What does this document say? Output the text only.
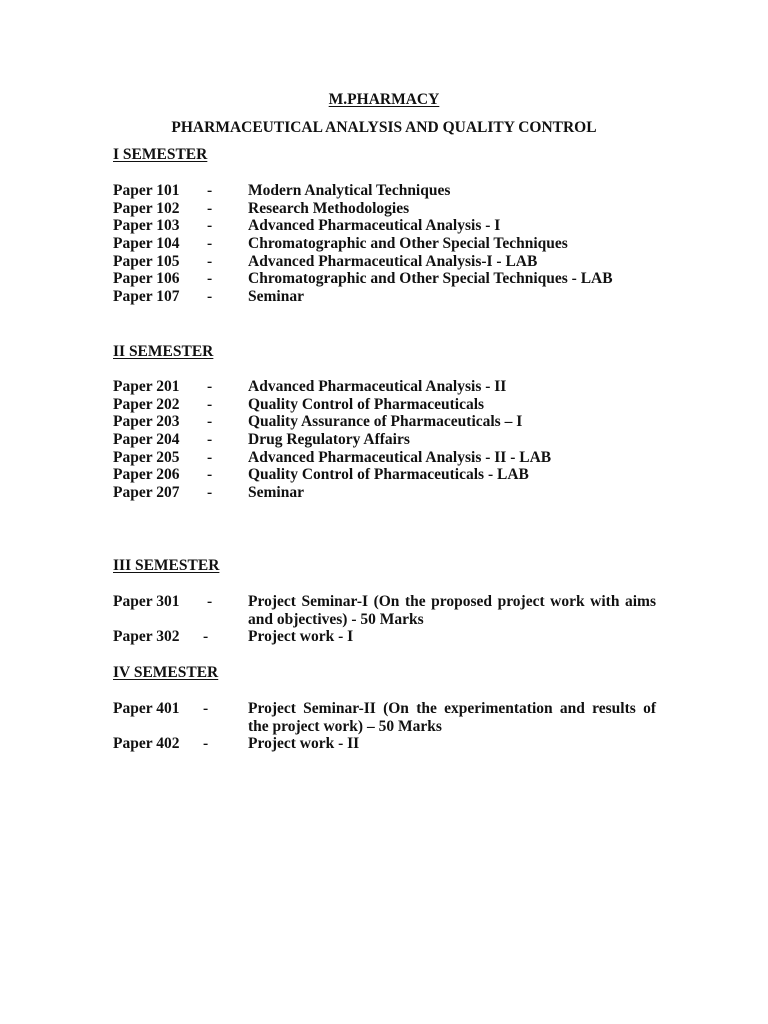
M.PHARMACY
PHARMACEUTICAL ANALYSIS AND QUALITY CONTROL
I SEMESTER
Paper 101 - Modern Analytical Techniques
Paper 102 - Research Methodologies
Paper 103 - Advanced Pharmaceutical Analysis - I
Paper 104 - Chromatographic and Other Special Techniques
Paper 105 - Advanced Pharmaceutical Analysis-I - LAB
Paper 106 - Chromatographic and Other Special Techniques - LAB
Paper 107 - Seminar
II SEMESTER
Paper 201 - Advanced Pharmaceutical Analysis - II
Paper 202 - Quality Control of Pharmaceuticals
Paper 203 - Quality Assurance of Pharmaceuticals – I
Paper 204 - Drug Regulatory Affairs
Paper 205 - Advanced Pharmaceutical Analysis - II - LAB
Paper 206 - Quality Control of Pharmaceuticals - LAB
Paper 207 - Seminar
III SEMESTER
Paper 301 - Project Seminar-I (On the proposed project work with aims and objectives) - 50 Marks
Paper 302 -	Project work - I
IV SEMESTER
Paper 401 -	Project Seminar-II (On the experimentation and results of the project work) – 50 Marks
Paper 402 -	Project work - II
